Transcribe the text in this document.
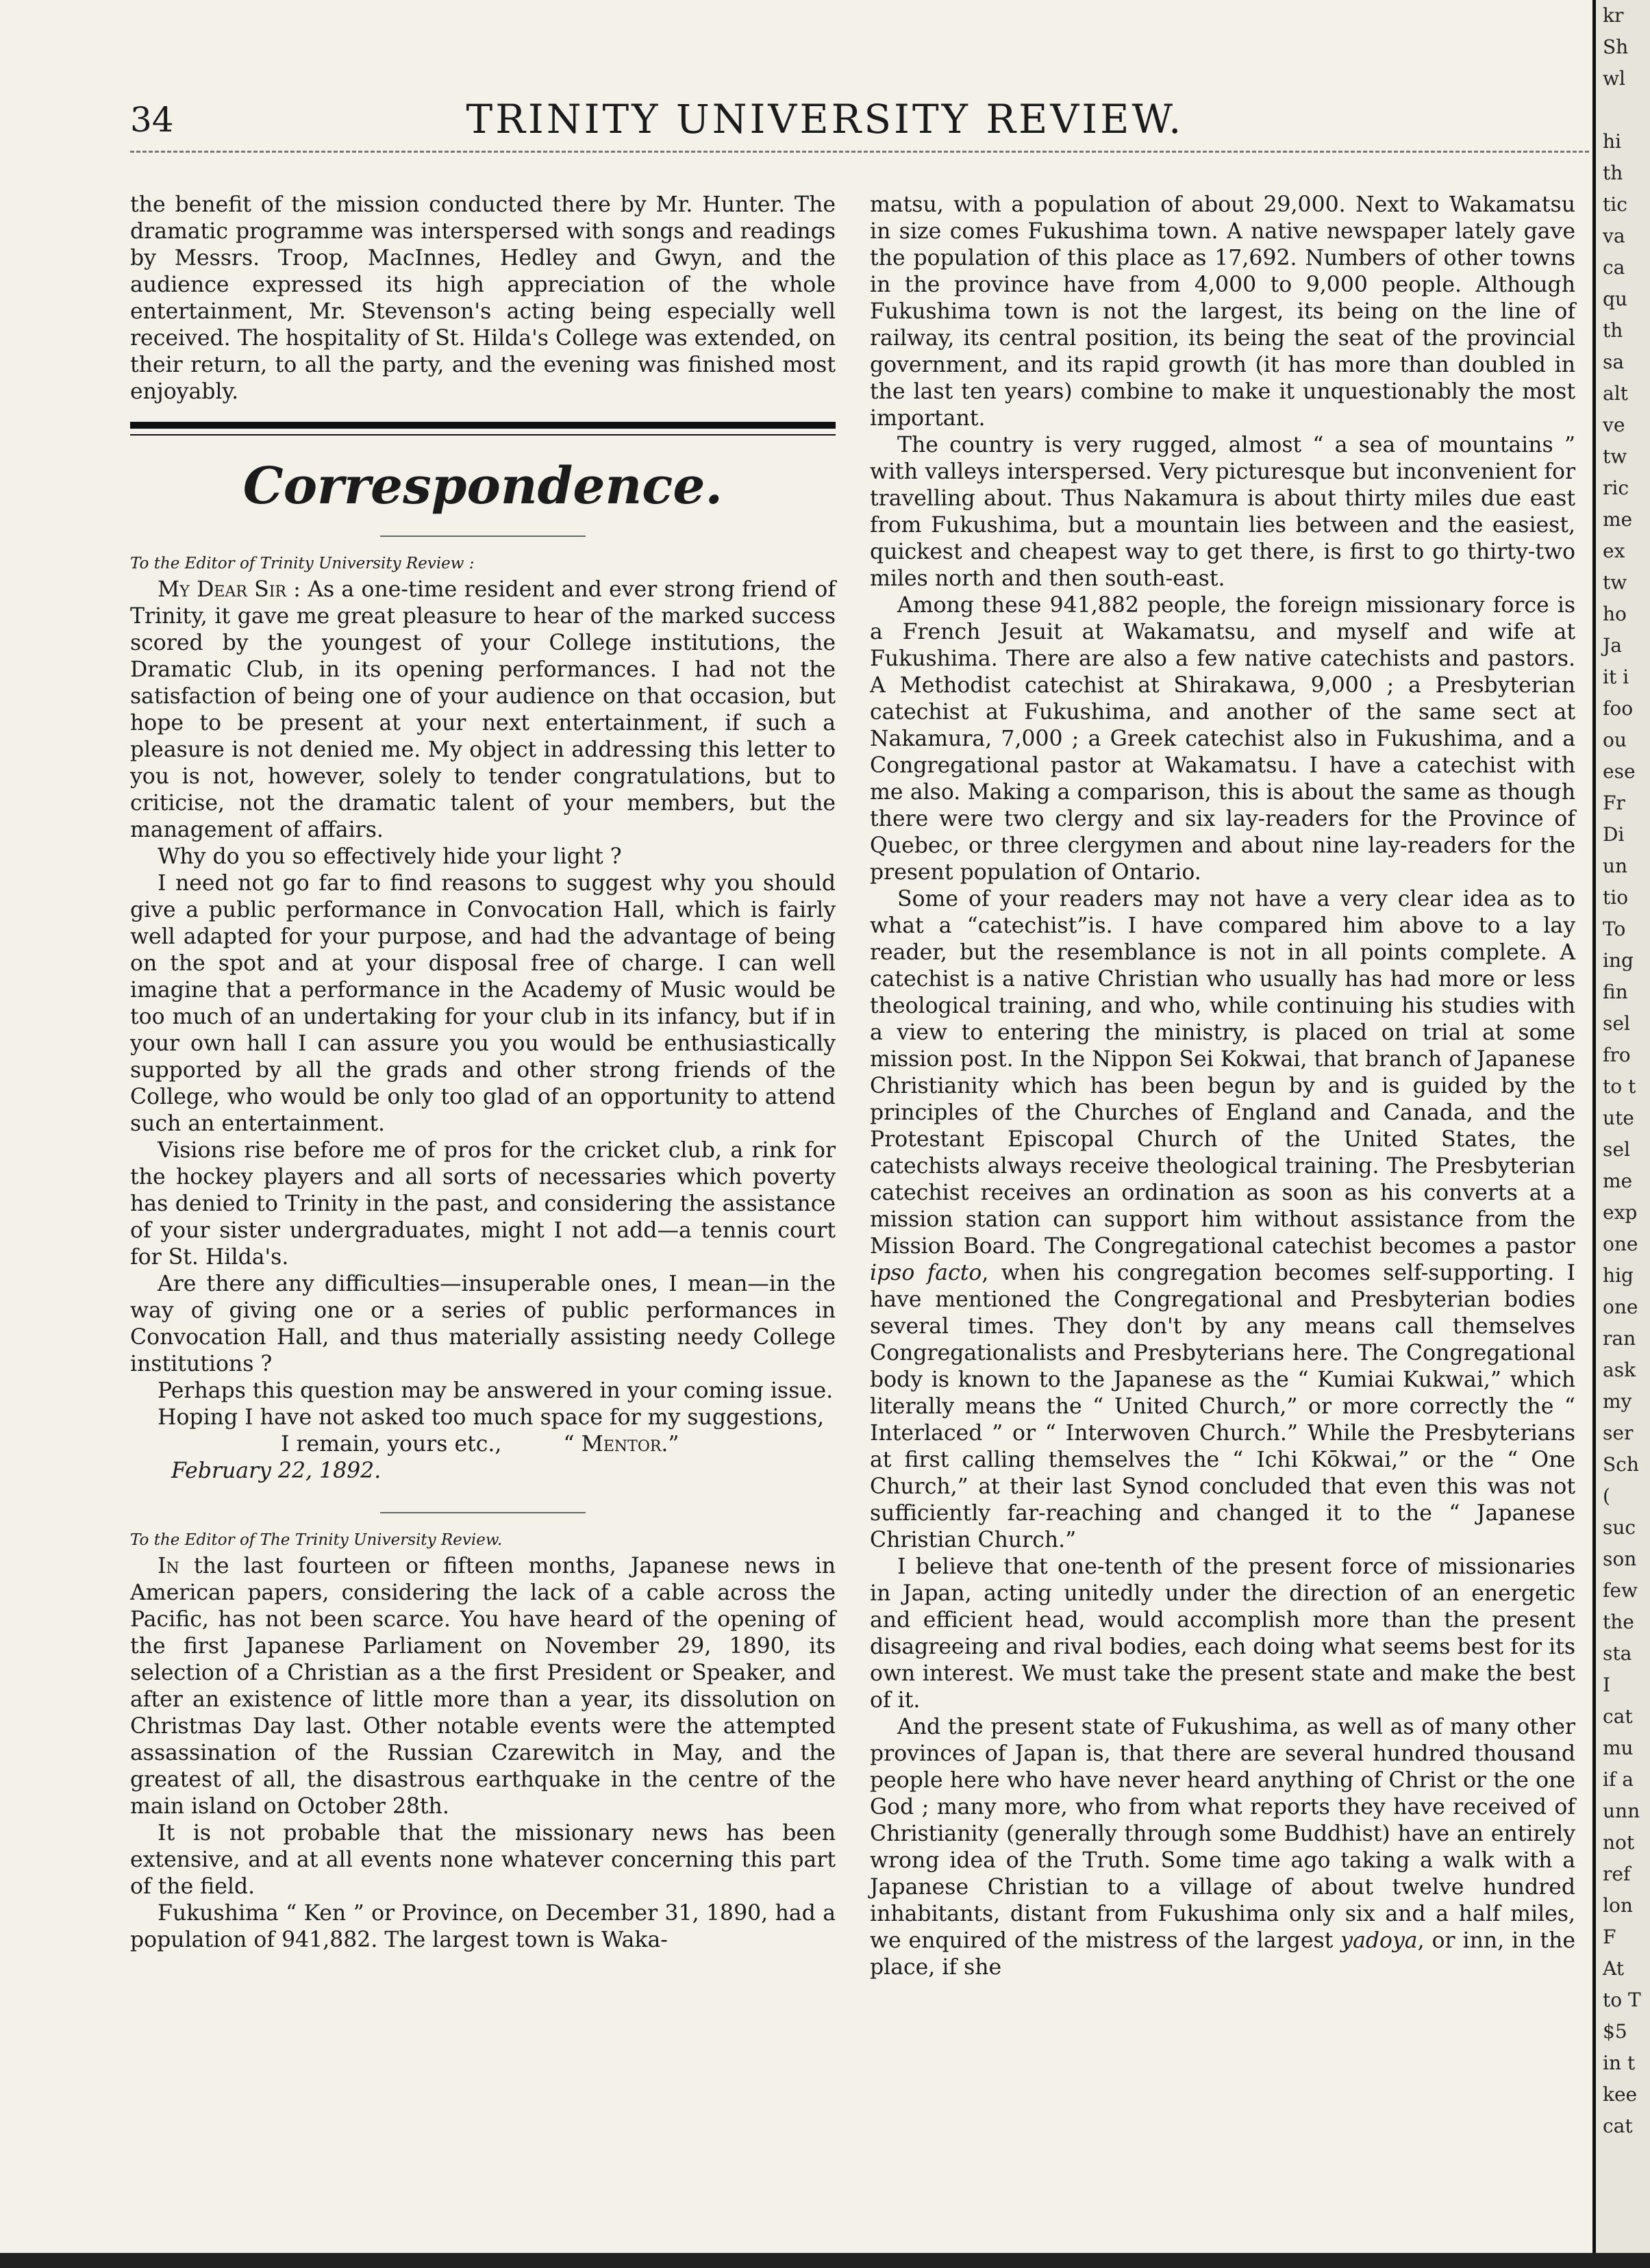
34	TRINITY UNIVERSITY REVIEW.

the benefit of the mission conducted there by Mr. Hunter. The dramatic programme was interspersed with songs and readings by Messrs. Troop, MacInnes, Hedley and Gwyn, and the audience expressed its high appreciation of the whole entertainment, Mr. Stevenson's acting being especially well received. The hospitality of St. Hilda's College was extended, on their return, to all the party, and the evening was finished most enjoyably.

Correspondence.
To the Editor of Trinity University Review :

My Dear Sir : As a one-time resident and ever strong friend of Trinity, it gave me great pleasure to hear of the marked success scored by the youngest of your College institutions, the Dramatic Club, in its opening performances. I had not the satisfaction of being one of your audience on that occasion, but hope to be present at your next entertainment, if such a pleasure is not denied me. My object in addressing this letter to you is not, however, solely to tender congratulations, but to criticise, not the dramatic talent of your members, but the management of affairs.

Why do you so effectively hide your light ?

I need not go far to find reasons to suggest why you should give a public performance in Convocation Hall, which is fairly well adapted for your purpose, and had the advantage of being on the spot and at your disposal free of charge. I can well imagine that a performance in the Academy of Music would be too much of an undertaking for your club in its infancy, but if in your own hall I can assure you you would be enthusiastically supported by all the grads and other strong friends of the College, who would be only too glad of an opportunity to attend such an entertainment.

Visions rise before me of pros for the cricket club, a rink for the hockey players and all sorts of necessaries which poverty has denied to Trinity in the past, and considering the assistance of your sister undergraduates, might I not add—a tennis court for St. Hilda's.

Are there any difficulties—insuperable ones, I mean—in the way of giving one or a series of public performances in Convocation Hall, and thus materially assisting needy College institutions ?

Perhaps this question may be answered in your coming issue.

Hoping I have not asked too much space for my suggestions,

I remain, yours etc.,	“ Mentor.”

February 22, 1892.

To the Editor of The Trinity University Review.

In the last fourteen or fifteen months, Japanese news in American papers, considering the lack of a cable across the Pacific, has not been scarce. You have heard of the opening of the first Japanese Parliament on November 29, 1890, its selection of a Christian as a the first President or Speaker, and after an existence of little more than a year, its dissolution on Christmas Day last. Other notable events were the attempted assassination of the Russian Czarewitch in May, and the greatest of all, the disastrous earthquake in the centre of the main island on October 28th.

It is not probable that the missionary news has been extensive, and at all events none whatever concerning this part of the field.

Fukushima “ Ken ” or Province, on December 31, 1890, had a population of 941,882. The largest town is Waka-

matsu, with a population of about 29,000. Next to Wakamatsu in size comes Fukushima town. A native newspaper lately gave the population of this place as 17,692. Numbers of other towns in the province have from 4,000 to 9,000 people. Although Fukushima town is not the largest, its being on the line of railway, its central position, its being the seat of the provincial government, and its rapid growth (it has more than doubled in the last ten years) combine to make it unquestionably the most important.

The country is very rugged, almost “ a sea of mountains ” with valleys interspersed. Very picturesque but inconvenient for travelling about. Thus Nakamura is about thirty miles due east from Fukushima, but a mountain lies between and the easiest, quickest and cheapest way to get there, is first to go thirty-two miles north and then south-east.

Among these 941,882 people, the foreign missionary force is a French Jesuit at Wakamatsu, and myself and wife at Fukushima. There are also a few native catechists and pastors. A Methodist catechist at Shirakawa, 9,000 ; a Presbyterian catechist at Fukushima, and another of the same sect at Nakamura, 7,000 ; a Greek catechist also in Fukushima, and a Congregational pastor at Wakamatsu. I have a catechist with me also. Making a comparison, this is about the same as though there were two clergy and six lay-readers for the Province of Quebec, or three clergymen and about nine lay-readers for the present population of Ontario.

Some of your readers may not have a very clear idea as to what a “catechist”is. I have compared him above to a lay reader, but the resemblance is not in all points complete. A catechist is a native Christian who usually has had more or less theological training, and who, while continuing his studies with a view to entering the ministry, is placed on trial at some mission post. In the Nippon Sei Kokwai, that branch of Japanese Christianity which has been begun by and is guided by the principles of the Churches of England and Canada, and the Protestant Episcopal Church of the United States, the catechists always receive theological training. The Presbyterian catechist receives an ordination as soon as his converts at a mission station can support him without assistance from the Mission Board. The Congregational catechist becomes a pastor ipso facto, when his congregation becomes self-supporting. I have mentioned the Congregational and Presbyterian bodies several times. They don't by any means call themselves Congregationalists and Presbyterians here. The Congregational body is known to the Japanese as the “ Kumiai Kukwai,” which literally means the “ United Church,” or more correctly the “ Interlaced ” or “ Interwoven Church.” While the Presbyterians at first calling themselves the “ Ichi Kōkwai,” or the “ One Church,” at their last Synod concluded that even this was not sufficiently far-reaching and changed it to the “ Japanese Christian Church.”

I believe that one-tenth of the present force of missionaries in Japan, acting unitedly under the direction of an energetic and efficient head, would accomplish more than the present disagreeing and rival bodies, each doing what seems best for its own interest. We must take the present state and make the best of it.

And the present state of Fukushima, as well as of many other provinces of Japan is, that there are several hundred thousand people here who have never heard anything of Christ or the one God ; many more, who from what reports they have received of Christianity (generally through some Buddhist) have an entirely wrong idea of the Truth. Some time ago taking a walk with a Japanese Christian to a village of about twelve hundred inhabitants, distant from Fukushima only six and a half miles, we enquired of the mistress of the largest yadoya, or inn, in the place, if she

kr
Sh
wl

hi
th
tic
va
ca
qu
th
sa
alt
ve
tw
ric
me
ex
tw
ho
Ja
it i
foo
ou
ese
Fr
Di
un
tio
To
ing
fin
sel
fro
to t
ute
sel
me
exp
one
hig
one
ran
ask
my
ser
Sch
(
suc
son
few
the
sta
I
cat
mu
if a
unn
not
ref
lon
F
At
to T
$5
in t
kee
cat
